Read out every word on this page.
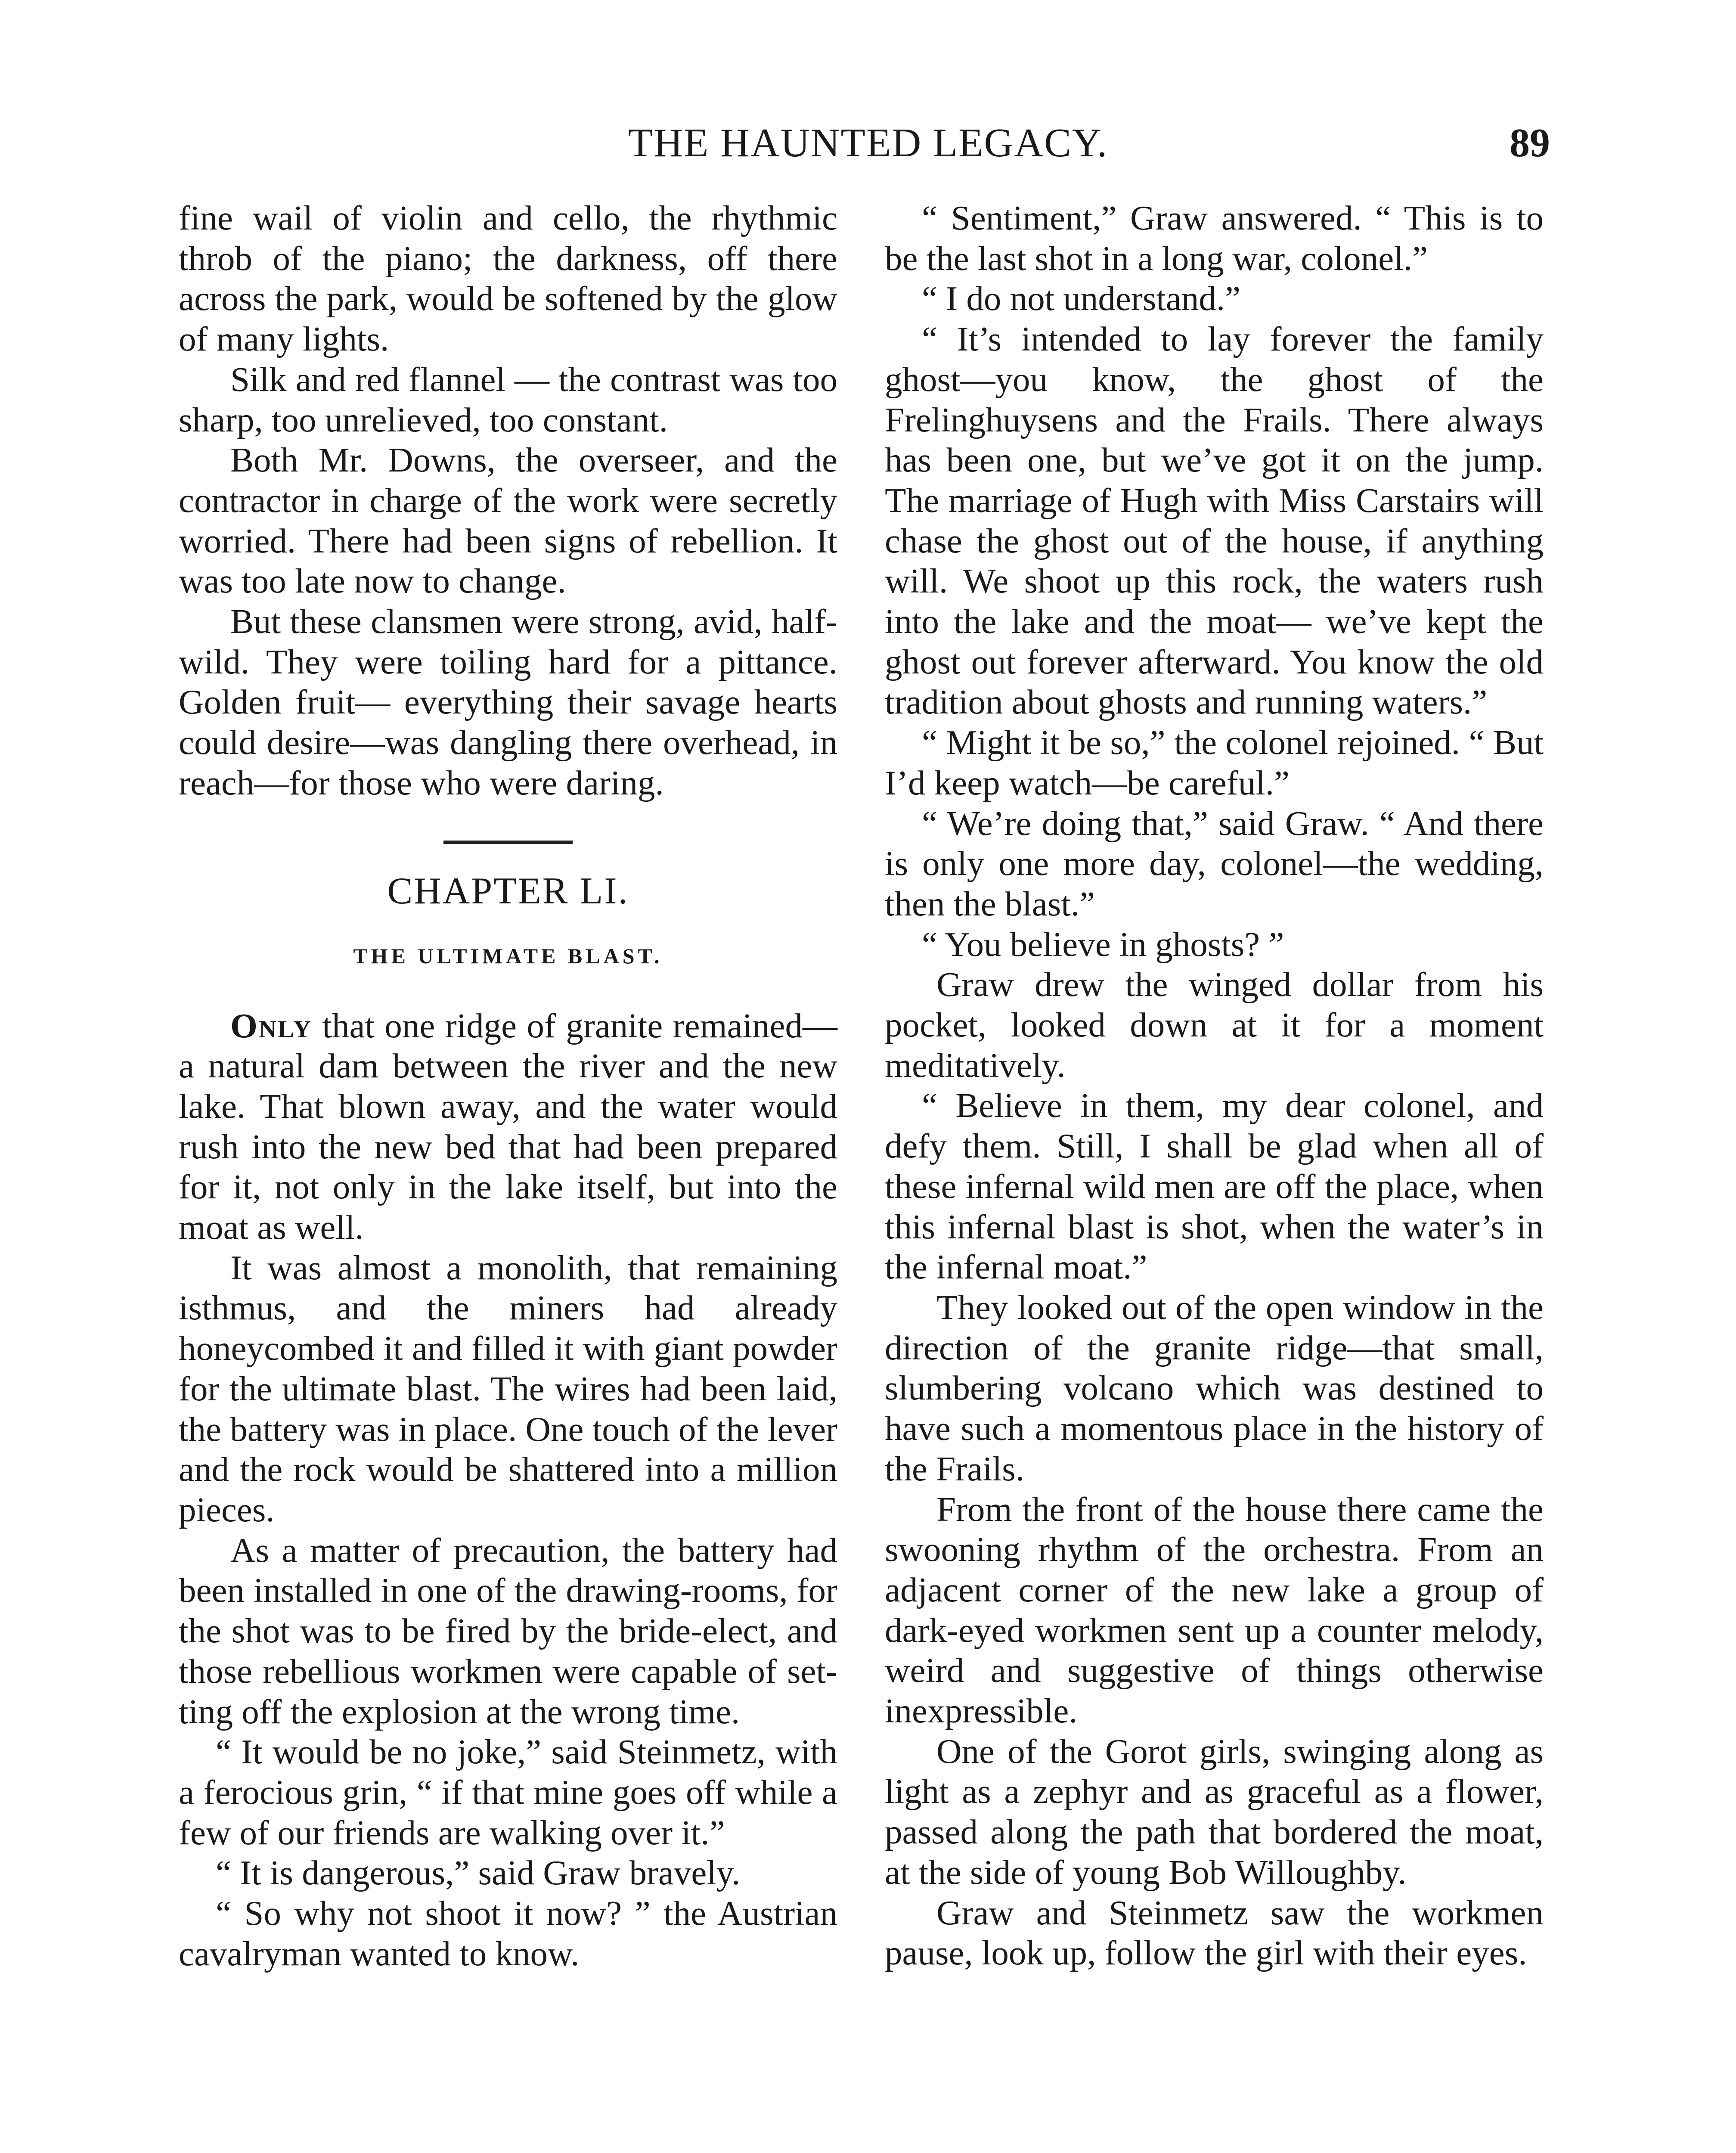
THE HAUNTED LEGACY.	89

fine wail of violin and cello, the rhythmic throb of the piano; the darkness, off there across the park, would be softened by the glow of many lights.

Silk and red flannel — the contrast was too sharp, too unrelieved, too constant.

Both Mr. Downs, the overseer, and the contractor in charge of the work were secretly worried. There had been signs of rebellion. It was too late now to change.

But these clansmen were strong, avid, half-wild. They were toiling hard for a pittance. Golden fruit— everything their savage hearts could desire—was dangling there overhead, in reach—for those who were daring.

CHAPTER LI.
THE ULTIMATE BLAST.

Only that one ridge of granite remained—a natural dam between the river and the new lake. That blown away, and the water would rush into the new bed that had been prepared for it, not only in the lake itself, but into the moat as well.

It was almost a monolith, that remaining isthmus, and the miners had already honeycombed it and filled it with giant powder for the ultimate blast. The wires had been laid, the battery was in place. One touch of the lever and the rock would be shattered into a million pieces.

As a matter of precaution, the battery had been installed in one of the drawing-rooms, for the shot was to be fired by the bride-elect, and those rebellious workmen were capable of setting off the explosion at the wrong time.

“ It would be no joke,” said Steinmetz, with a ferocious grin, “ if that mine goes off while a few of our friends are walking over it.”

“ It is dangerous,” said Graw bravely.

“ So why not shoot it now? ” the Austrian cavalryman wanted to know.

“ Sentiment,” Graw answered. “ This is to be the last shot in a long war, colonel.”

“ I do not understand.”

“ It’s intended to lay forever the family ghost—you know, the ghost of the Frelinghuysens and the Frails. There always has been one, but we’ve got it on the jump. The marriage of Hugh with Miss Carstairs will chase the ghost out of the house, if anything will. We shoot up this rock, the waters rush into the lake and the moat— we’ve kept the ghost out forever afterward. You know the old tradition about ghosts and running waters.”

“ Might it be so,” the colonel rejoined. “ But I’d keep watch—be careful.”

“ We’re doing that,” said Graw. “ And there is only one more day, colonel—the wedding, then the blast.”

“ You believe in ghosts? ”

Graw drew the winged dollar from his pocket, looked down at it for a moment meditatively.

“ Believe in them, my dear colonel, and defy them. Still, I shall be glad when all of these infernal wild men are off the place, when this infernal blast is shot, when the water’s in the infernal moat.”

They looked out of the open window in the direction of the granite ridge—that small, slumbering volcano which was destined to have such a momentous place in the history of the Frails.

From the front of the house there came the swooning rhythm of the orchestra. From an adjacent corner of the new lake a group of dark-eyed workmen sent up a counter melody, weird and suggestive of things otherwise inexpressible.

One of the Gorot girls, swinging along as light as a zephyr and as graceful as a flower, passed along the path that bordered the moat, at the side of young Bob Willoughby.

Graw and Steinmetz saw the workmen pause, look up, follow the girl with their eyes.
